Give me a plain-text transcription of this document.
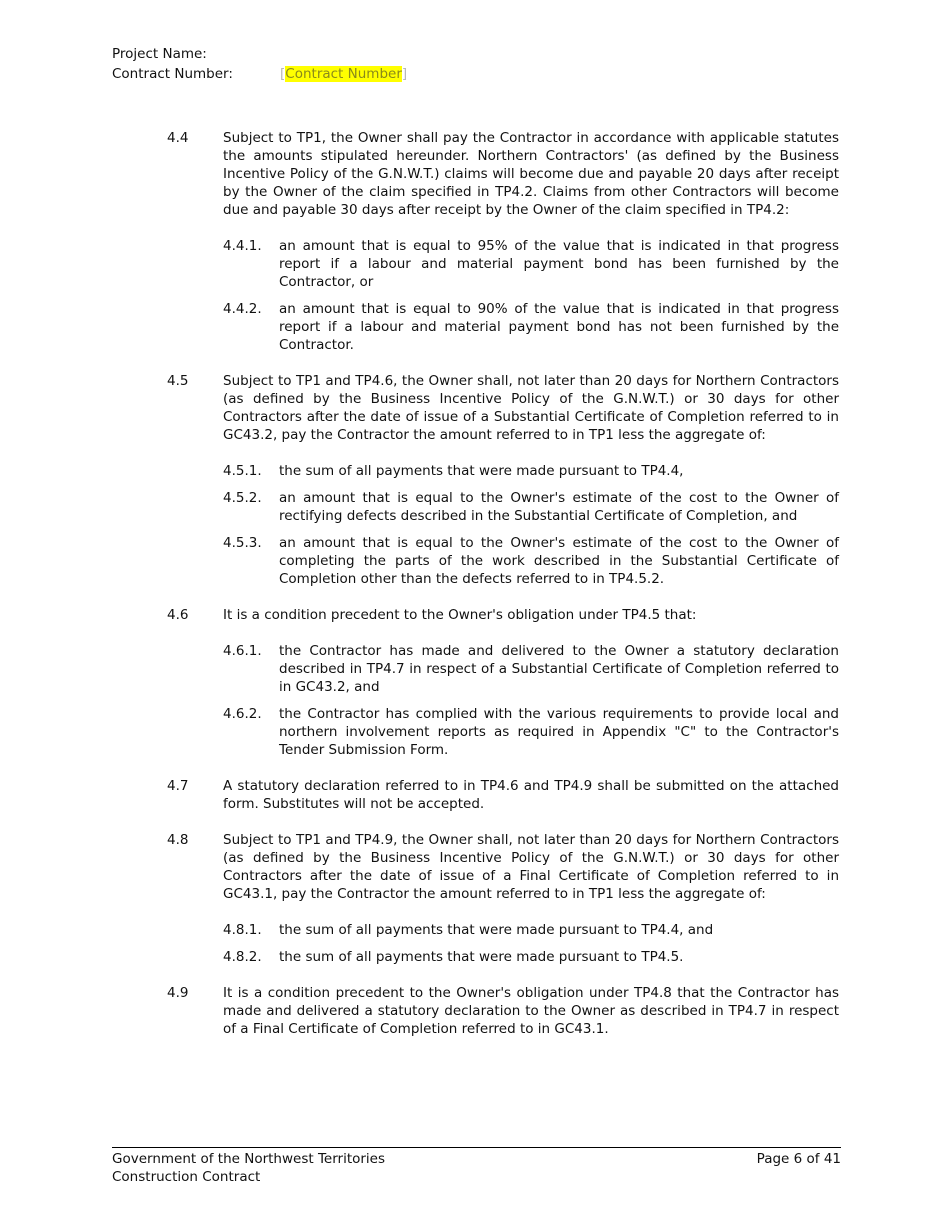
Project Name:
Contract Number:	[Contract Number]
4.4	Subject to TP1, the Owner shall pay the Contractor in accordance with applicable statutes the amounts stipulated hereunder. Northern Contractors' (as defined by the Business Incentive Policy of the G.N.W.T.) claims will become due and payable 20 days after receipt by the Owner of the claim specified in TP4.2. Claims from other Contractors will become due and payable 30 days after receipt by the Owner of the claim specified in TP4.2:
4.4.1.	an amount that is equal to 95% of the value that is indicated in that progress report if a labour and material payment bond has been furnished by the Contractor, or
4.4.2.	an amount that is equal to 90% of the value that is indicated in that progress report if a labour and material payment bond has not been furnished by the Contractor.
4.5	Subject to TP1 and TP4.6, the Owner shall, not later than 20 days for Northern Contractors (as defined by the Business Incentive Policy of the G.N.W.T.) or 30 days for other Contractors after the date of issue of a Substantial Certificate of Completion referred to in GC43.2, pay the Contractor the amount referred to in TP1 less the aggregate of:
4.5.1.	the sum of all payments that were made pursuant to TP4.4,
4.5.2.	an amount that is equal to the Owner's estimate of the cost to the Owner of rectifying defects described in the Substantial Certificate of Completion, and
4.5.3.	an amount that is equal to the Owner's estimate of the cost to the Owner of completing the parts of the work described in the Substantial Certificate of Completion other than the defects referred to in TP4.5.2.
4.6	It is a condition precedent to the Owner's obligation under TP4.5 that:
4.6.1.	the Contractor has made and delivered to the Owner a statutory declaration described in TP4.7 in respect of a Substantial Certificate of Completion referred to in GC43.2, and
4.6.2.	the Contractor has complied with the various requirements to provide local and northern involvement reports as required in Appendix "C" to the Contractor's Tender Submission Form.
4.7	A statutory declaration referred to in TP4.6 and TP4.9 shall be submitted on the attached form. Substitutes will not be accepted.
4.8	Subject to TP1 and TP4.9, the Owner shall, not later than 20 days for Northern Contractors (as defined by the Business Incentive Policy of the G.N.W.T.) or 30 days for other Contractors after the date of issue of a Final Certificate of Completion referred to in GC43.1, pay the Contractor the amount referred to in TP1 less the aggregate of:
4.8.1.	the sum of all payments that were made pursuant to TP4.4, and
4.8.2.	the sum of all payments that were made pursuant to TP4.5.
4.9	It is a condition precedent to the Owner's obligation under TP4.8 that the Contractor has made and delivered a statutory declaration to the Owner as described in TP4.7 in respect of a Final Certificate of Completion referred to in GC43.1.
Government of the Northwest Territories	Page 6 of 41
Construction Contract
